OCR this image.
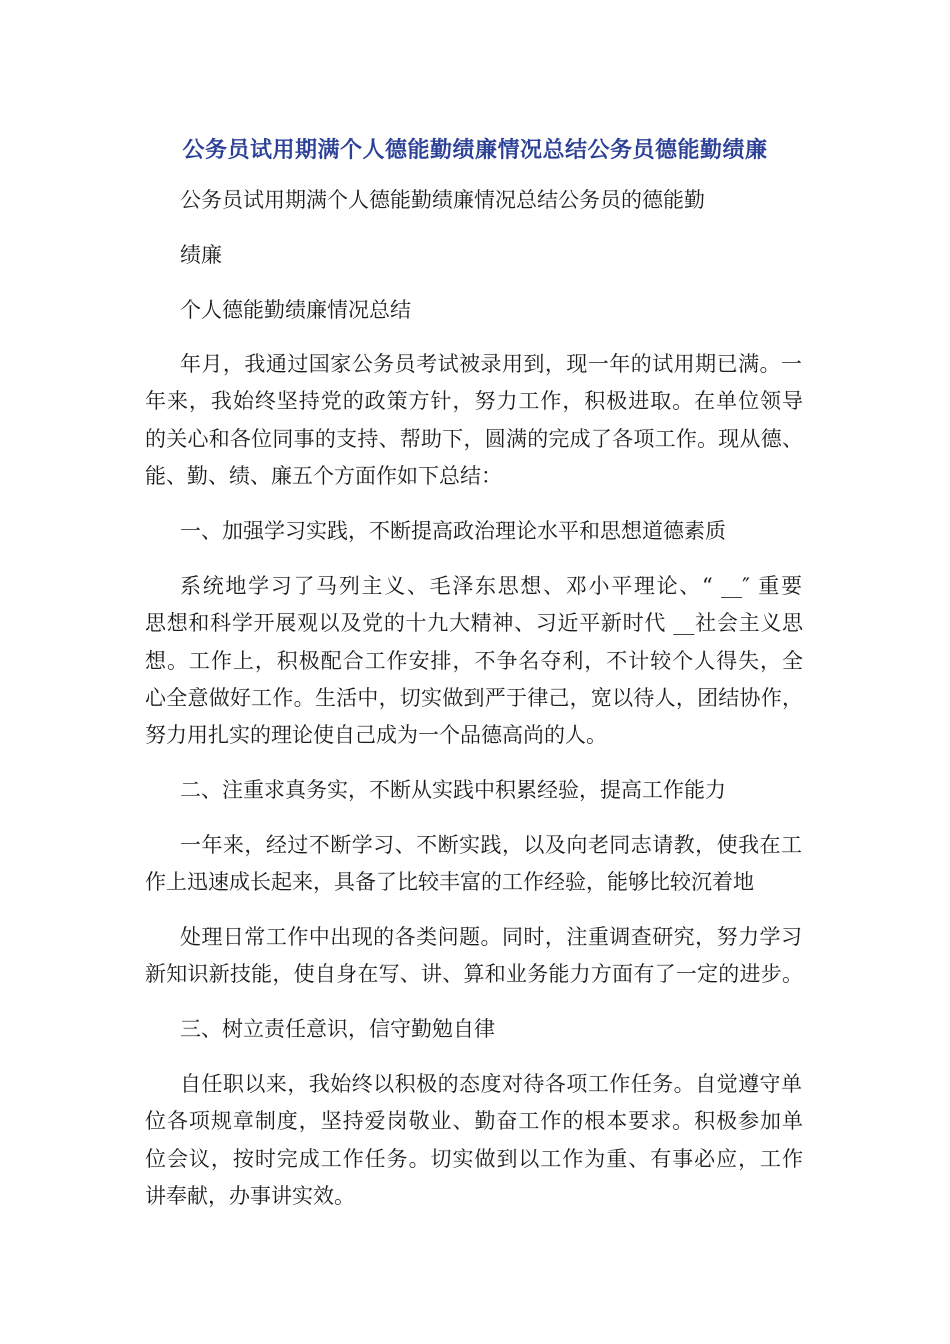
公务员试用期满个人德能勤绩廉情况总结公务员德能勤绩廉
公务员试用期满个人德能勤绩廉情况总结公务员的德能勤
绩廉
个人德能勤绩廉情况总结
年月，我通过国家公务员考试被录用到，现一年的试用期已满。一
年来，我始终坚持党的政策方针，努力工作，积极进取。在单位领导
的关心和各位同事的支持、帮助下，圆满的完成了各项工作。现从德、
能、勤、绩、廉五个方面作如下总结：
一、加强学习实践，不断提高政治理论水平和思想道德素质
系统地学习了马列主义、毛泽东思想、邓小平理论、“ __″ 重要
思想和科学开展观以及党的十九大精神、习近平新时代 __社会主义思
想。工作上，积极配合工作安排，不争名夺利，不计较个人得失，全
心全意做好工作。生活中，切实做到严于律己，宽以待人，团结协作，
努力用扎实的理论使自己成为一个品德高尚的人。
二、注重求真务实，不断从实践中积累经验，提高工作能力
一年来，经过不断学习、不断实践，以及向老同志请教，使我在工
作上迅速成长起来，具备了比较丰富的工作经验，能够比较沉着地
处理日常工作中出现的各类问题。同时，注重调查研究，努力学习
新知识新技能，使自身在写、讲、算和业务能力方面有了一定的进步。
三、树立责任意识，信守勤勉自律
自任职以来，我始终以积极的态度对待各项工作任务。自觉遵守单
位各项规章制度，坚持爱岗敬业、勤奋工作的根本要求。积极参加单
位会议，按时完成工作任务。切实做到以工作为重、有事必应，工作
讲奉献，办事讲实效。
